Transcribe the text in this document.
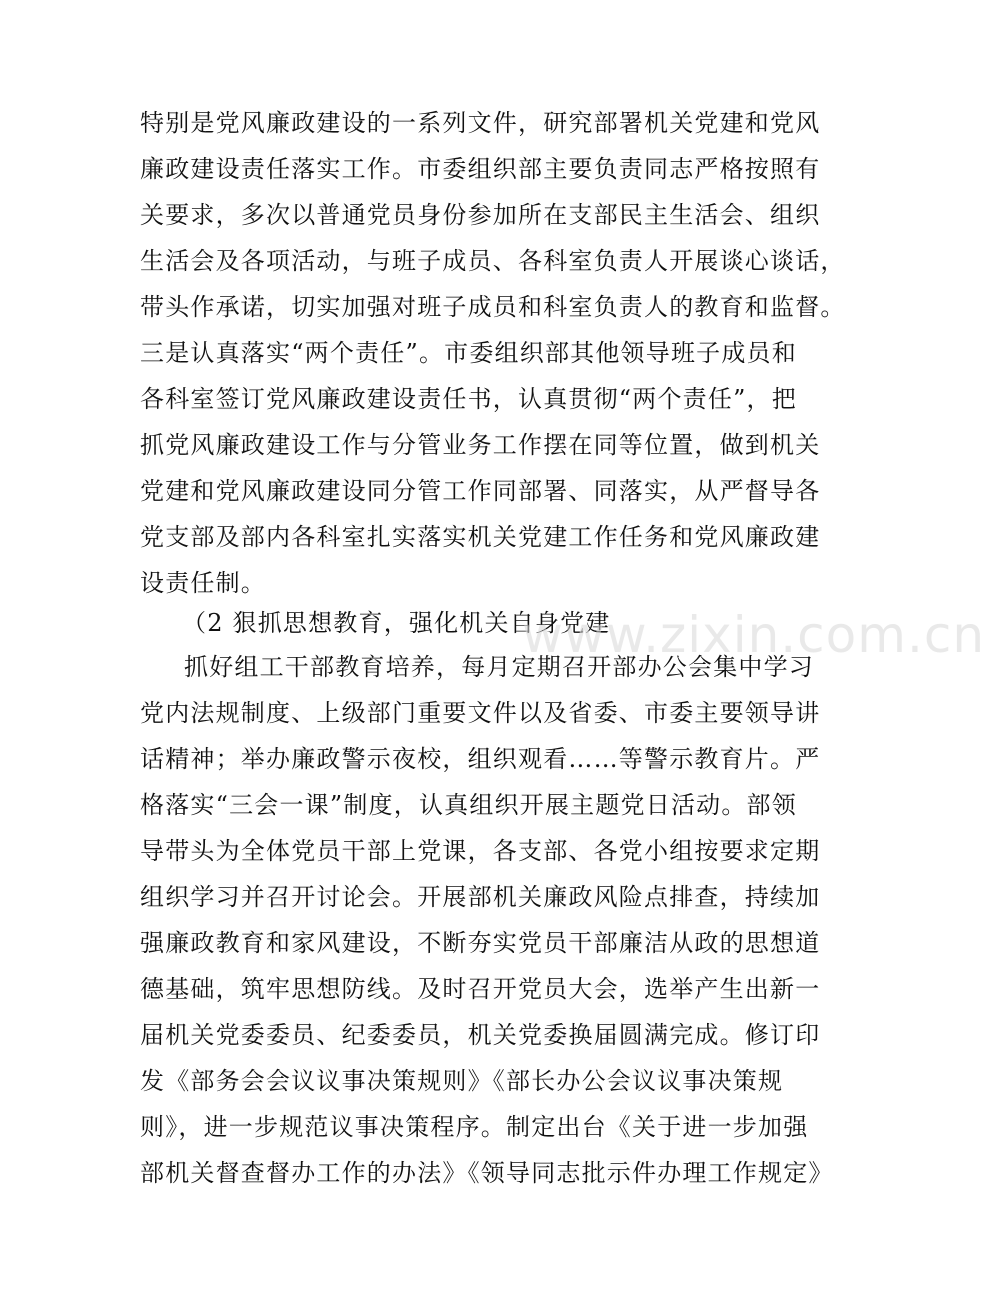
特别是党风廉政建设的一系列文件，研究部署机关党建和党风
廉政建设责任落实工作。市委组织部主要负责同志严格按照有
关要求，多次以普通党员身份参加所在支部民主生活会、组织
生活会及各项活动，与班子成员、各科室负责人开展谈心谈话，
带头作承诺，切实加强对班子成员和科室负责人的教育和监督。
三是认真落实“两个责任”。市委组织部其他领导班子成员和
各科室签订党风廉政建设责任书，认真贯彻“两个责任”，把
抓党风廉政建设工作与分管业务工作摆在同等位置，做到机关
党建和党风廉政建设同分管工作同部署、同落实，从严督导各
党支部及部内各科室扎实落实机关党建工作任务和党风廉政建
设责任制。
（2 狠抓思想教育，强化机关自身党建
抓好组工干部教育培养，每月定期召开部办公会集中学习
党内法规制度、上级部门重要文件以及省委、市委主要领导讲
话精神；举办廉政警示夜校，组织观看……等警示教育片。严
格落实“三会一课”制度，认真组织开展主题党日活动。部领
导带头为全体党员干部上党课，各支部、各党小组按要求定期
组织学习并召开讨论会。开展部机关廉政风险点排查，持续加
强廉政教育和家风建设，不断夯实党员干部廉洁从政的思想道
德基础，筑牢思想防线。及时召开党员大会，选举产生出新一
届机关党委委员、纪委委员，机关党委换届圆满完成。修订印
发《部务会会议议事决策规则》《部长办公会议议事决策规
则》，进一步规范议事决策程序。制定出台《关于进一步加强
部机关督查督办工作的办法》《领导同志批示件办理工作规定》
www.zixin.com.cn
